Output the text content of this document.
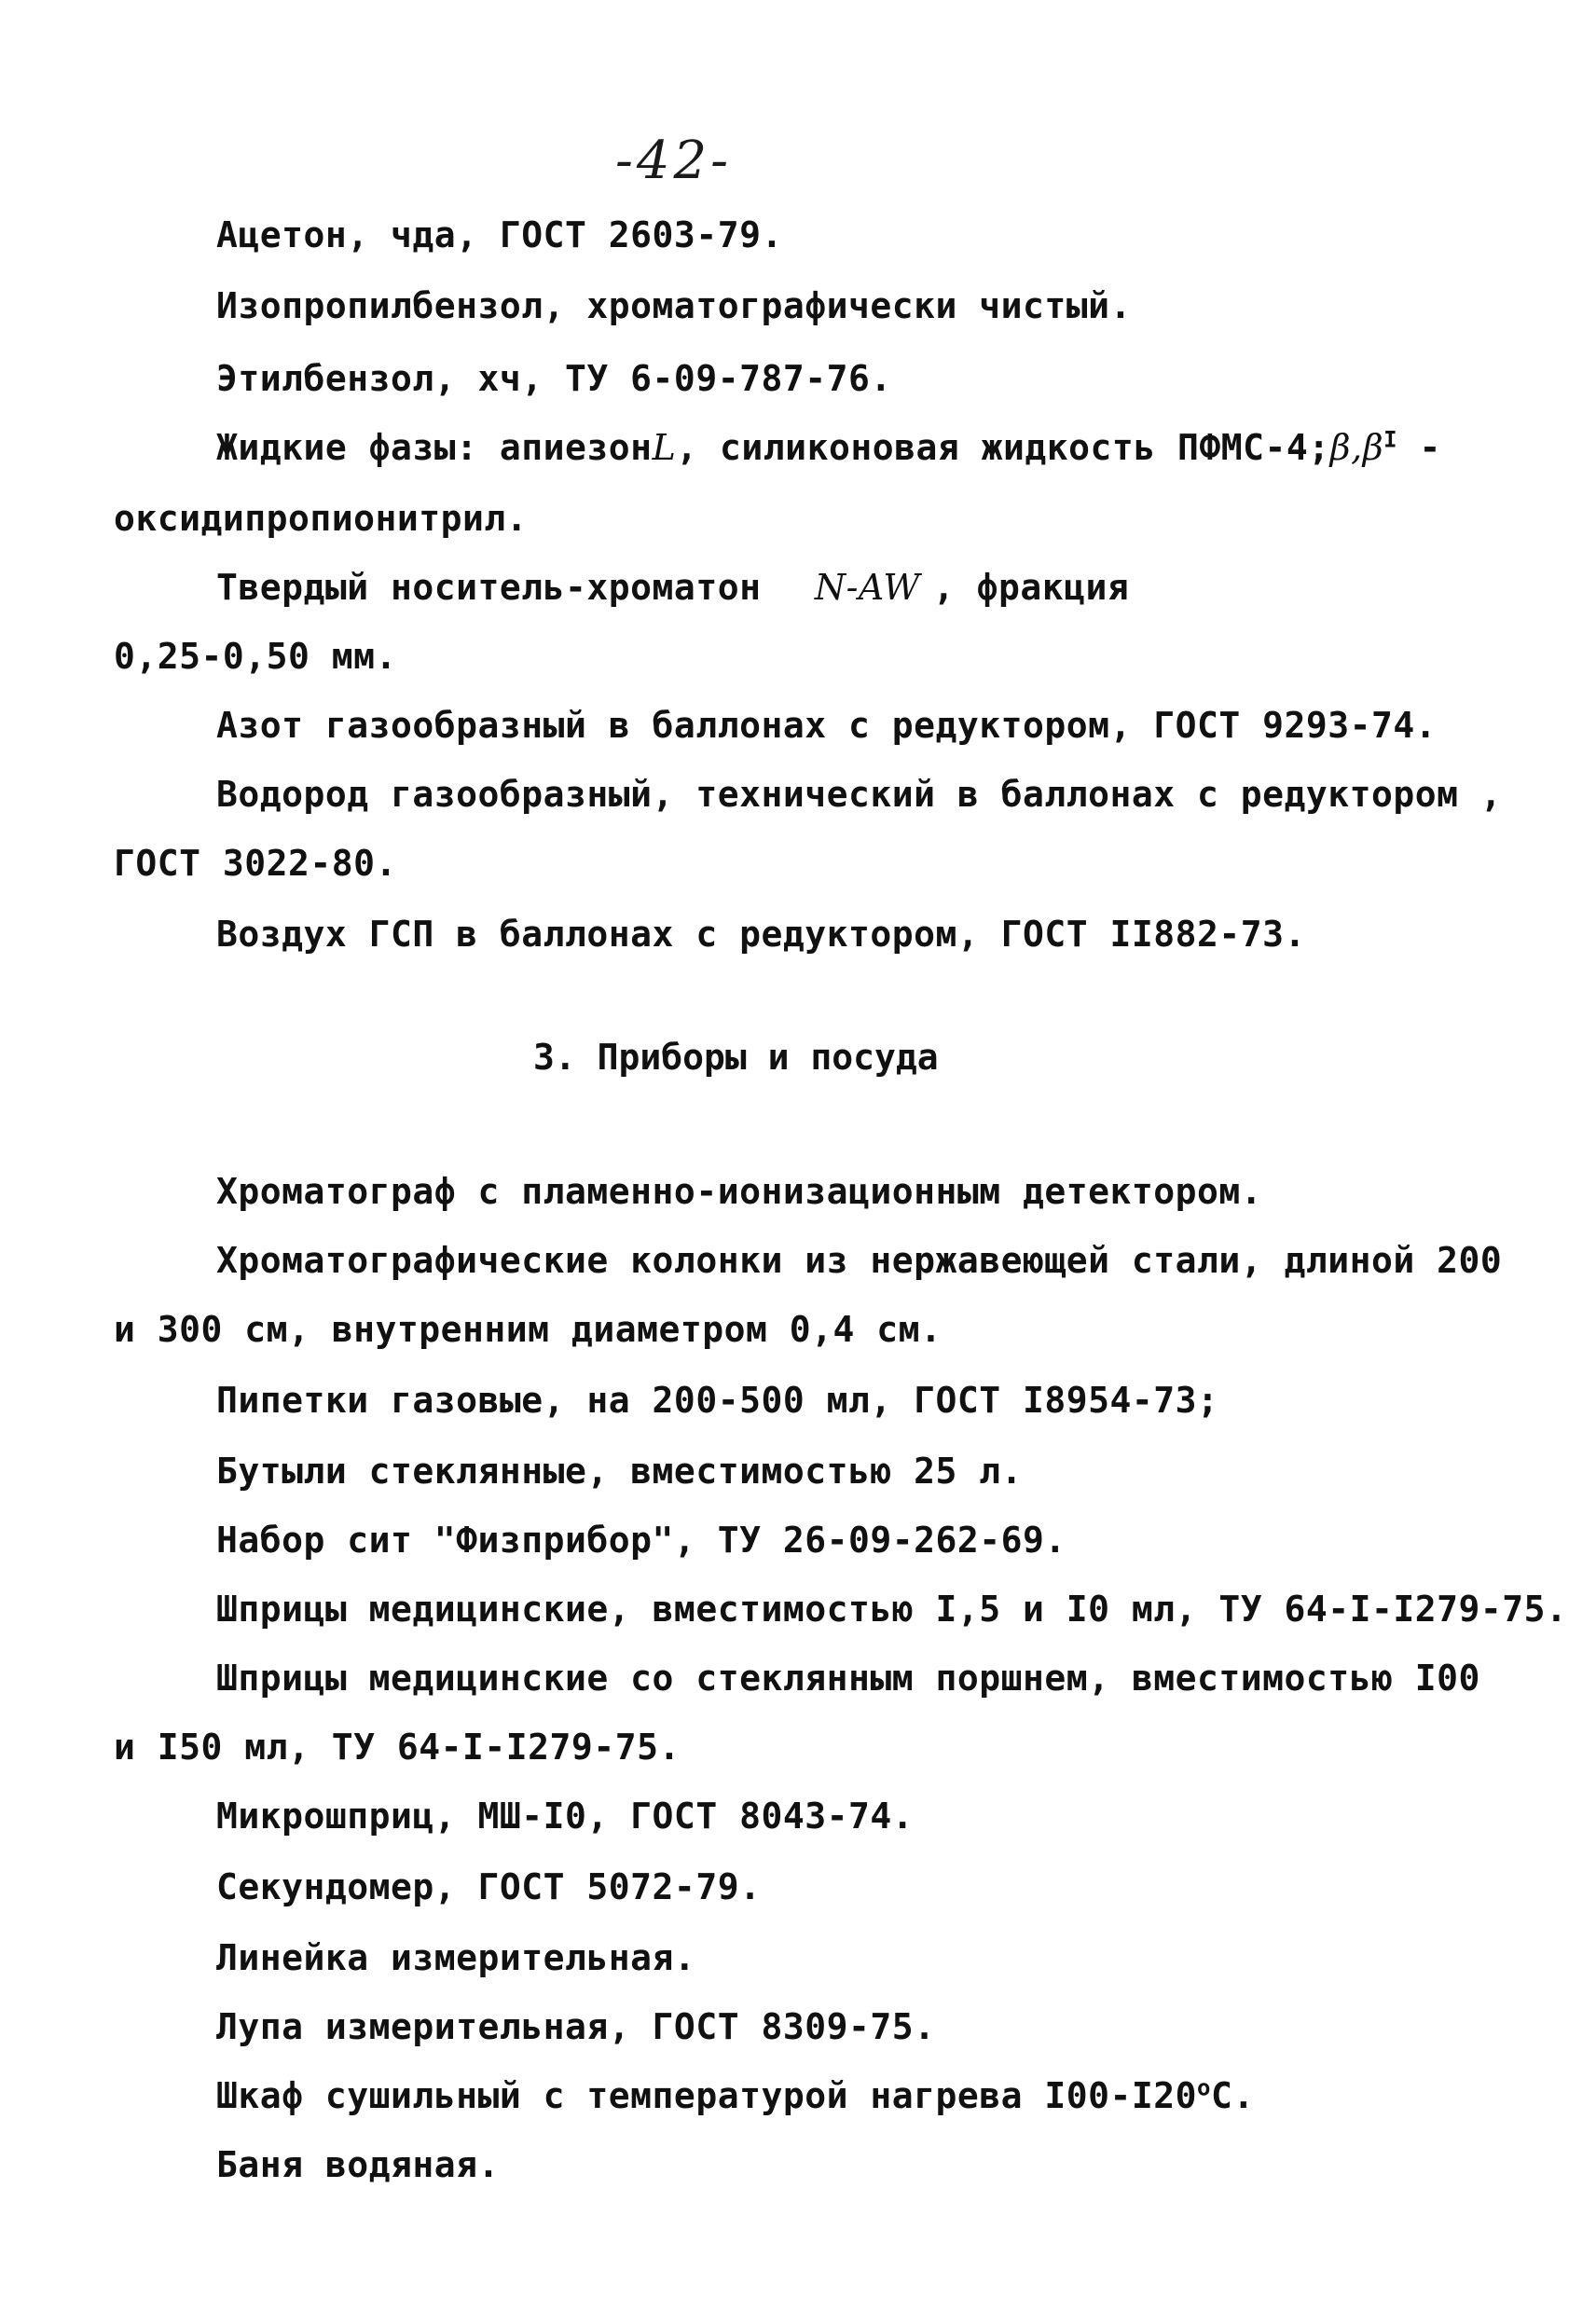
-42-
Ацетон, чда, ГОСТ 2603-79.
Изопропилбензол, хроматографически чистый.
Этилбензол, хч, ТУ 6-09-787-76.
Жидкие фазы: апиезонL, силиконовая жидкость ПФМС-$4;\beta,\beta^I$ -
оксидипропионитрил.
Твердый носитель-хроматон N-AW , фракция
0,25-0,50 мм.
Азот газообразный в баллонах с редуктором, ГОСТ 9293-74.
Водород газообразный, технический в баллонах с редуктором ,
ГОСТ 3022-80.
Воздух ГСП в баллонах с редуктором, ГОСТ II882-73.
3. Приборы и посуда
Хроматограф с пламенно-ионизационным детектором.
Хроматографические колонки из нержавеющей стали, длиной 200
и 300 см, внутренним диаметром 0,4 см.
Пипетки газовые, на 200-500 мл, ГОСТ I8954-73;
Бутыли стеклянные, вместимостью 25 л.
Набор сит "Физприбор", ТУ 26-09-262-69.
Шприцы медицинские, вместимостью I,5 и I0 мл, ТУ 64-I-I279-75.
Шприцы медицинские со стеклянным поршнем, вместимостью I00
и I50 мл, ТУ 64-I-I279-75.
Микрошприц, МШ-I0, ГОСТ 8043-74.
Секундомер, ГОСТ 5072-79.
Линейка измерительная.
Лупа измерительная, ГОСТ 8309-75.
Шкаф сушильный с температурой нагрева $I00-I20^оС$.
Баня водяная.
